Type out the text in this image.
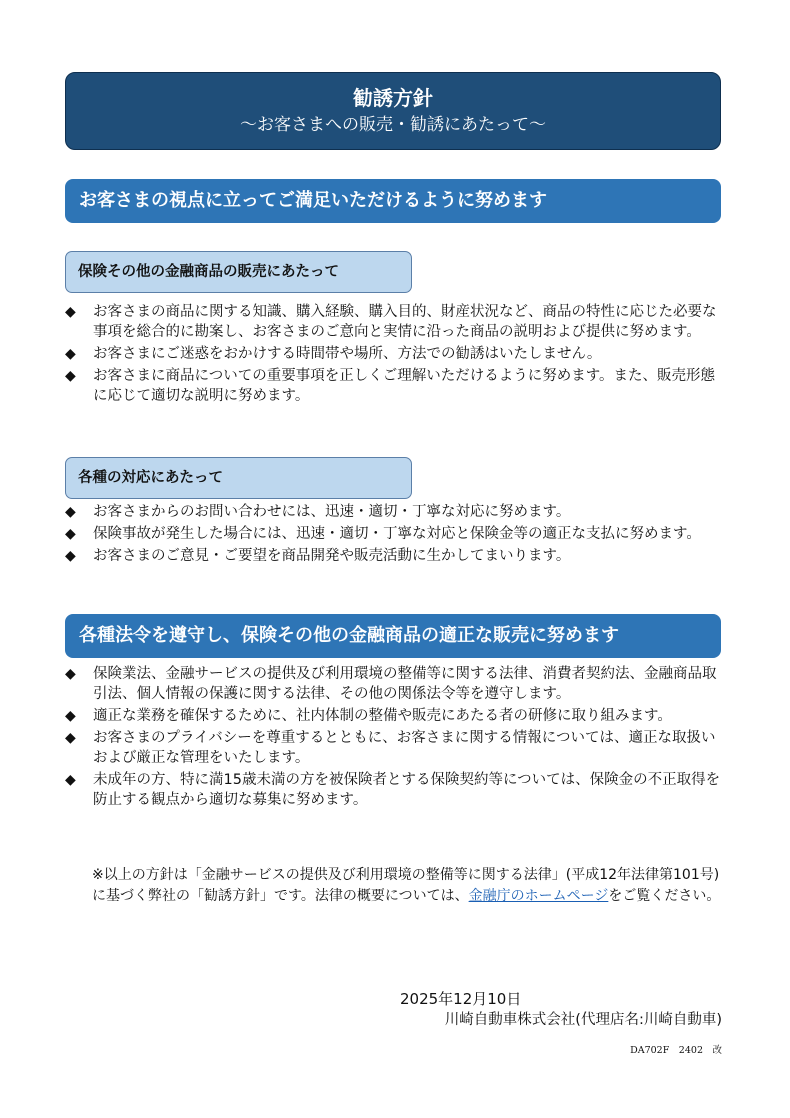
勧誘方針
～お客さまへの販売・勧誘にあたって～
お客さまの視点に立ってご満足いただけるように努めます
保険その他の金融商品の販売にあたって
◆ お客さまの商品に関する知識、購入経験、購入目的、財産状況など、商品の特性に応じた必要な事項を総合的に勘案し、お客さまのご意向と実情に沿った商品の説明および提供に努めます。
◆ お客さまにご迷惑をおかけする時間帯や場所、方法での勧誘はいたしません。
◆ お客さまに商品についての重要事項を正しくご理解いただけるように努めます。また、販売形態に応じて適切な説明に努めます。
各種の対応にあたって
◆ お客さまからのお問い合わせには、迅速・適切・丁寧な対応に努めます。
◆ 保険事故が発生した場合には、迅速・適切・丁寧な対応と保険金等の適正な支払に努めます。
◆ お客さまのご意見・ご要望を商品開発や販売活動に生かしてまいります。
各種法令を遵守し、保険その他の金融商品の適正な販売に努めます
◆ 保険業法、金融サービスの提供及び利用環境の整備等に関する法律、消費者契約法、金融商品取引法、個人情報の保護に関する法律、その他の関係法令等を遵守します。
◆ 適正な業務を確保するために、社内体制の整備や販売にあたる者の研修に取り組みます。
◆ お客さまのプライバシーを尊重するとともに、お客さまに関する情報については、適正な取扱いおよび厳正な管理をいたします。
◆ 未成年の方、特に満15歳未満の方を被保険者とする保険契約等については、保険金の不正取得を防止する観点から適切な募集に努めます。

※以上の方針は「金融サービスの提供及び利用環境の整備等に関する法律」(平成12年法律第101号)に基づく弊社の「勧誘方針」です。法律の概要については、金融庁のホームページをご覧ください。

2025年12月10日
川崎自動車株式会社(代理店名:川崎自動車)
DA702F　2402　改
